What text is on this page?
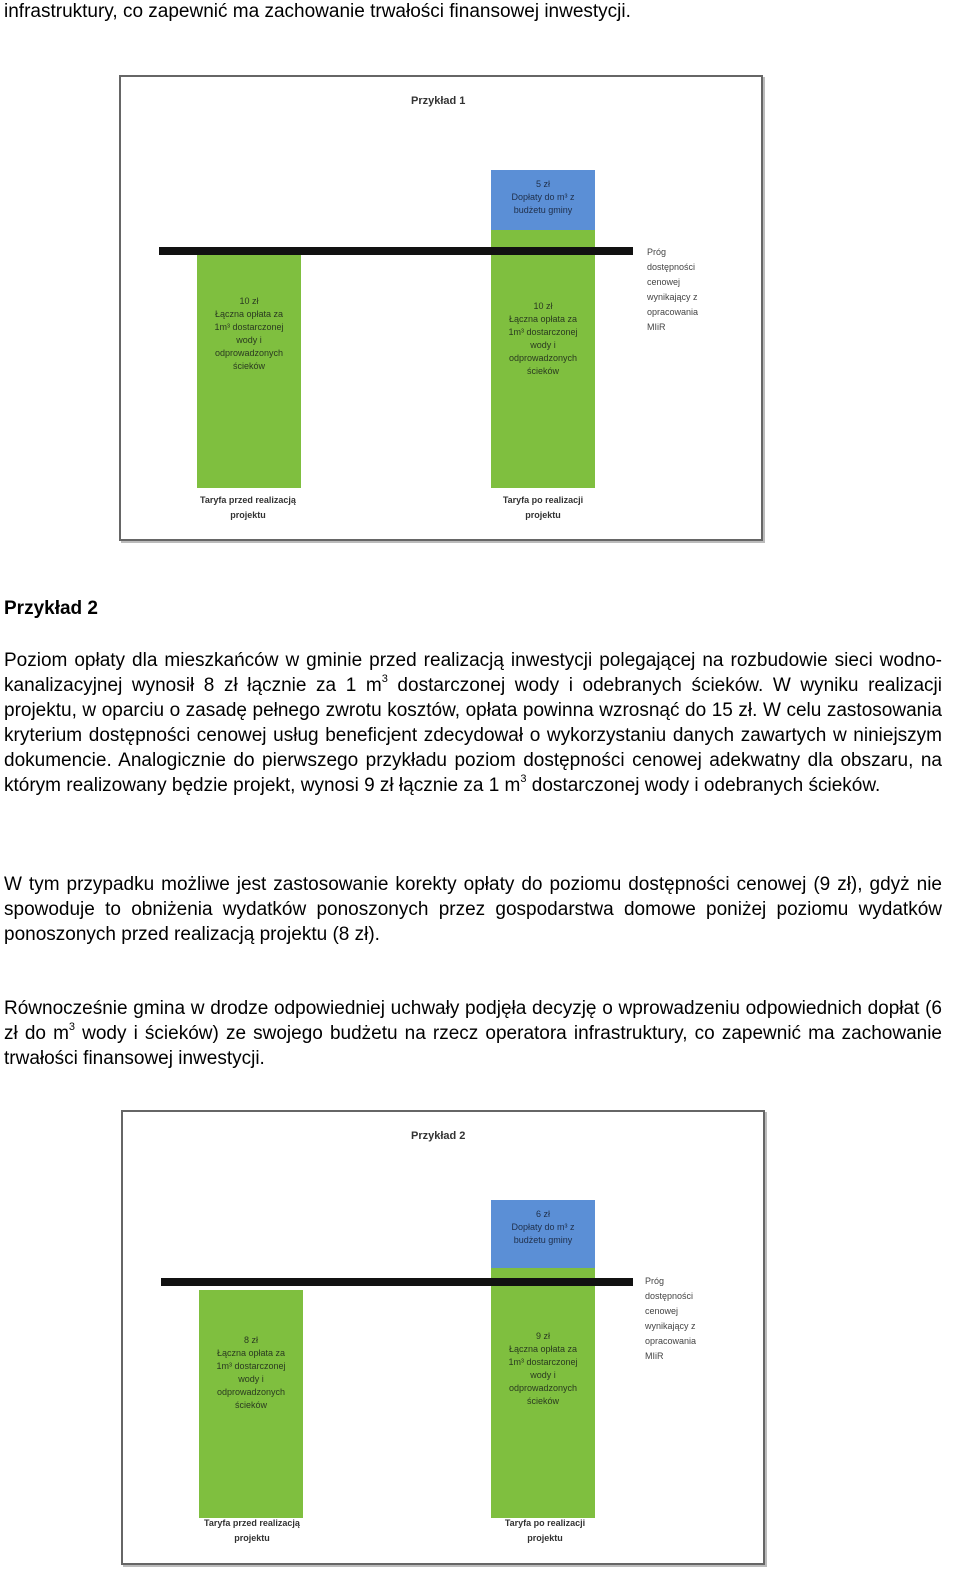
infrastruktury, co zapewnić ma zachowanie trwałości finansowej inwestycji.
Przykład 1
5 zł
Dopłaty do m³ z
budżetu gminy
10 zł
Łączna opłata za
1m³ dostarczonej
wody i
odprowadzonych
ścieków
10 zł
Łączna opłata za
1m³ dostarczonej
wody i
odprowadzonych
ścieków
Próg
dostępności
cenowej
wynikający z
opracowania
MIiR
Taryfa przed realizacją
projektu
Taryfa po realizacji
projektu
Przykład 2

Poziom opłaty dla mieszkańców w gminie przed realizacją inwestycji polegającej na rozbudowie sieci wodno-kanalizacyjnej wynosił 8 zł łącznie za 1 $m^3$ dostarczonej wody i odebranych ścieków. W wyniku realizacji projektu, w oparciu o zasadę pełnego zwrotu kosztów, opłata powinna wzrosnąć do 15 zł. W celu zastosowania kryterium dostępności cenowej usług beneficjent zdecydował o wykorzystaniu danych zawartych w niniejszym dokumencie. Analogicznie do pierwszego przykładu poziom dostępności cenowej adekwatny dla obszaru, na którym realizowany będzie projekt, wynosi 9 zł łącznie za 1 $m^3$ dostarczonej wody i odebranych ścieków.

W tym przypadku możliwe jest zastosowanie korekty opłaty do poziomu dostępności cenowej (9 zł), gdyż nie spowoduje to obniżenia wydatków ponoszonych przez gospodarstwa domowe poniżej poziomu wydatków ponoszonych przed realizacją projektu (8 zł).

Równocześnie gmina w drodze odpowiedniej uchwały podjęła decyzję o wprowadzeniu odpowiednich dopłat (6 zł do $m^3$ wody i ścieków) ze swojego budżetu na rzecz operatora infrastruktury, co zapewnić ma zachowanie trwałości finansowej inwestycji.

Przykład 2
6 zł
Dopłaty do m³ z
budżetu gminy
9 zł
Łączna opłata za
1m³ dostarczonej
wody i
odprowadzonych
ścieków
8 zł
Łączna opłata za
1m³ dostarczonej
wody i
odprowadzonych
ścieków
Próg
dostępności
cenowej
wynikający z
opracowania
MIiR
Taryfa przed realizacją
projektu
Taryfa po realizacji
projektu
